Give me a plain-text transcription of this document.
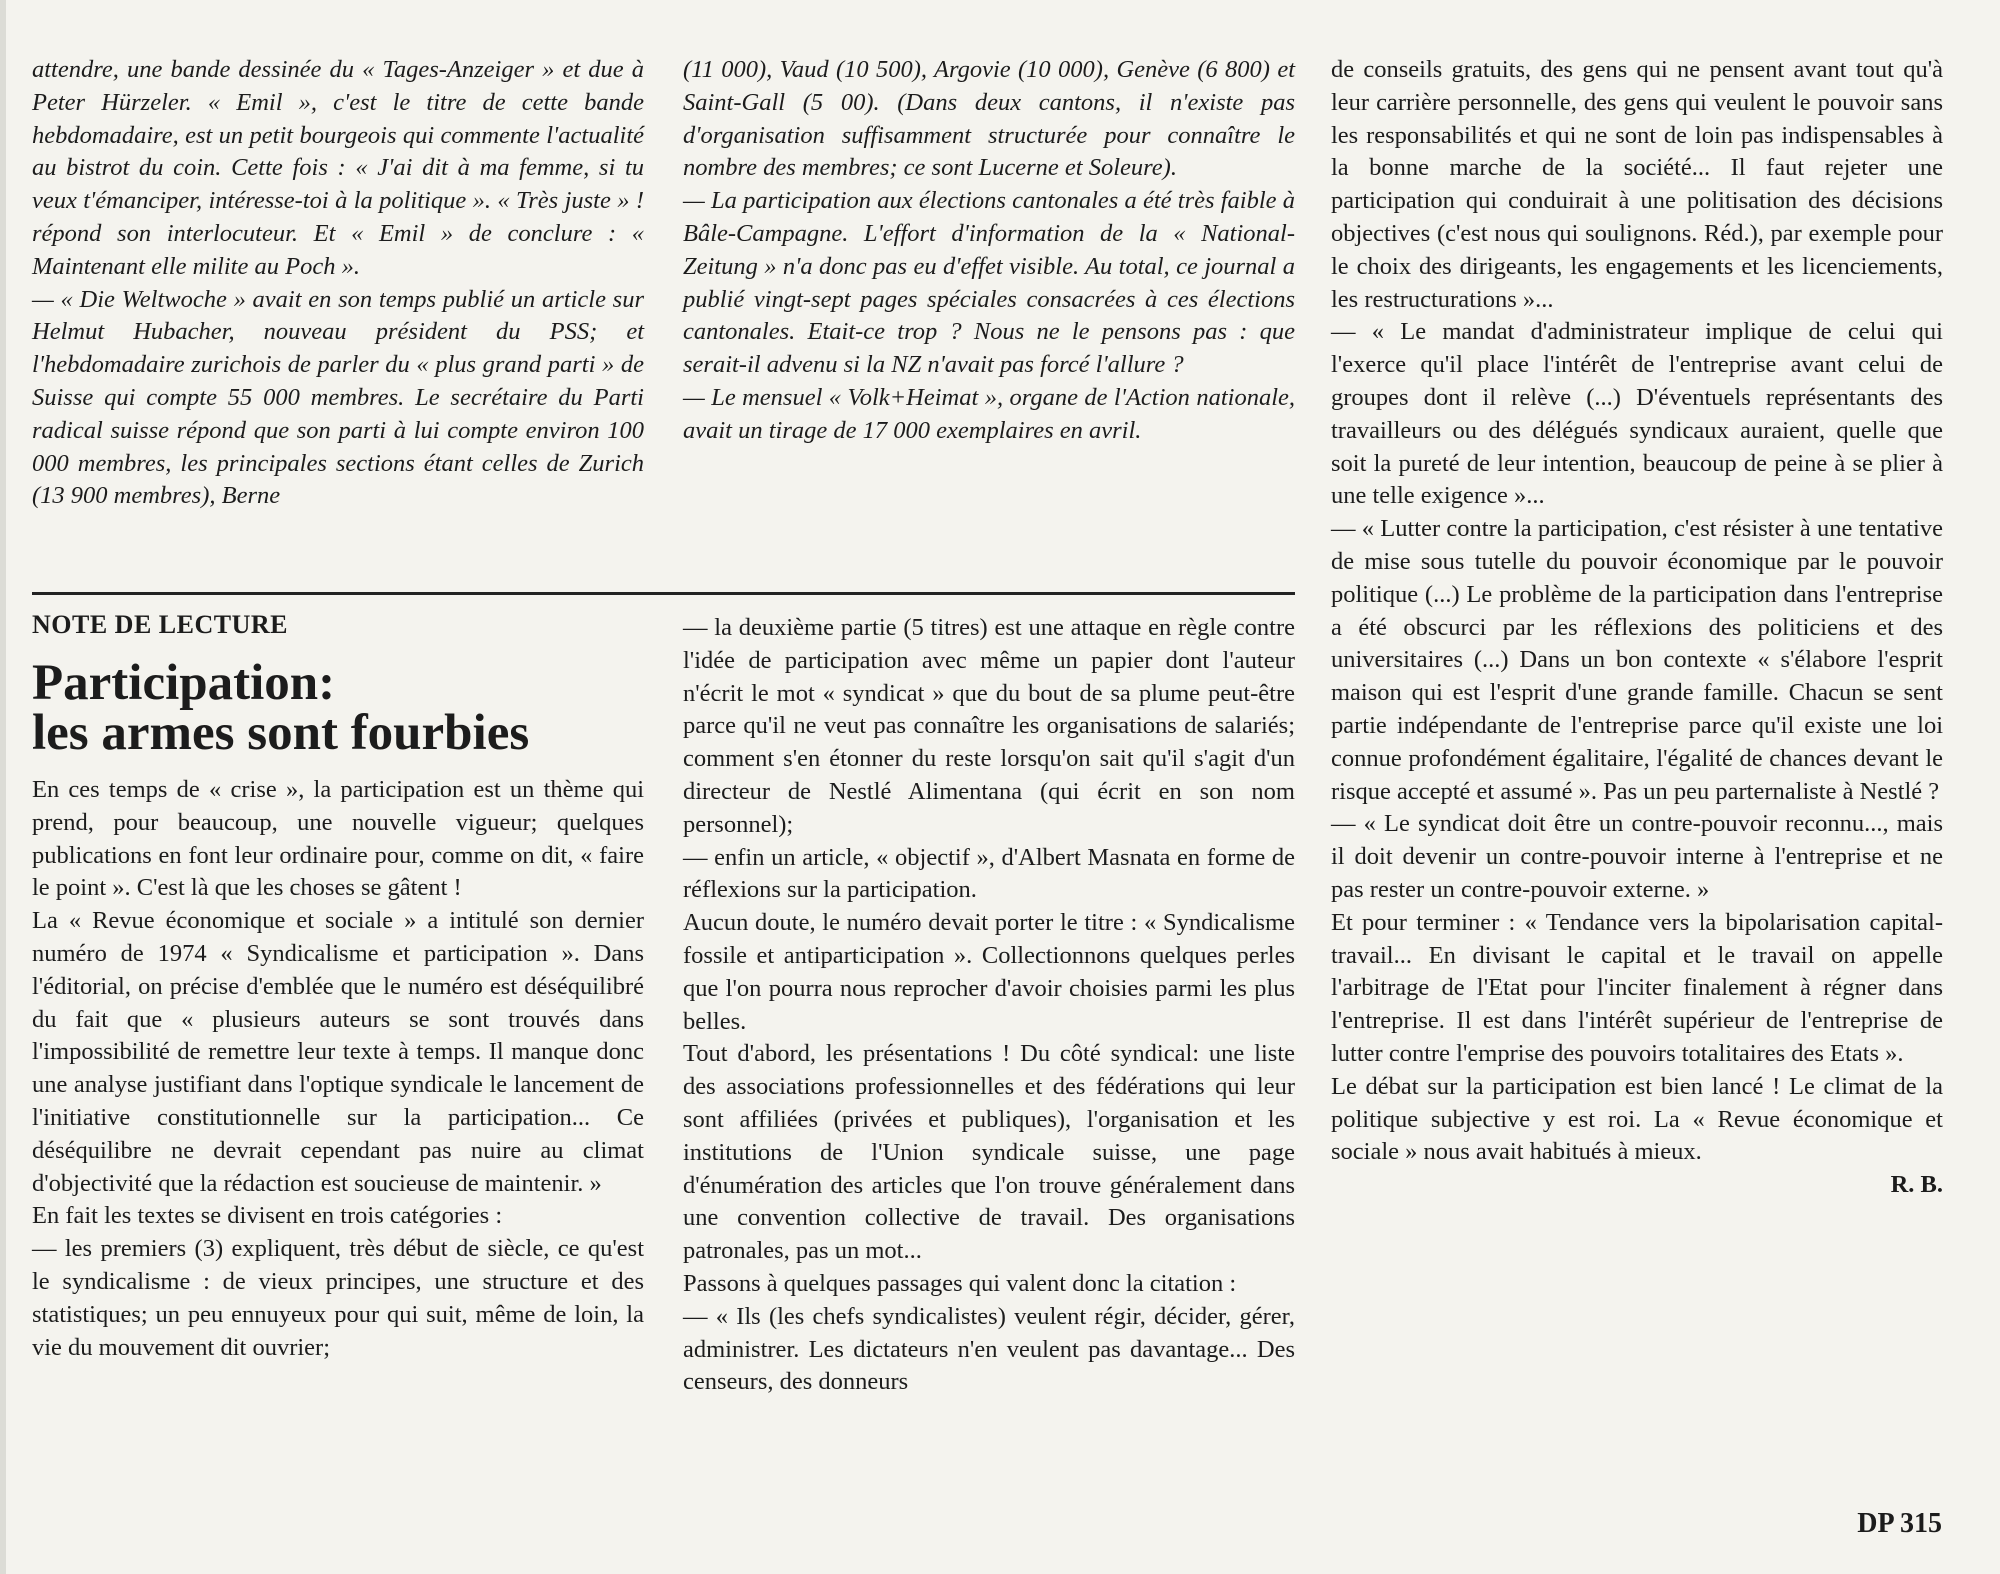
attendre, une bande dessinée du « Tages-Anzeiger » et due à Peter Hürzeler. « Emil », c'est le titre de cette bande hebdomadaire, est un petit bourgeois qui commente l'actualité au bistrot du coin. Cette fois : « J'ai dit à ma femme, si tu veux t'émanciper, intéresse-toi à la politique ». « Très juste » ! répond son interlocuteur. Et « Emil » de conclure : « Maintenant elle milite au Poch ».

— « Die Weltwoche » avait en son temps publié un article sur Helmut Hubacher, nouveau président du PSS; et l'hebdomadaire zurichois de parler du « plus grand parti » de Suisse qui compte 55 000 membres. Le secrétaire du Parti radical suisse répond que son parti à lui compte environ 100 000 membres, les principales sections étant celles de Zurich (13 900 membres), Berne

(11 000), Vaud (10 500), Argovie (10 000), Genève (6 800) et Saint-Gall (5 00). (Dans deux cantons, il n'existe pas d'organisation suffisamment structurée pour connaître le nombre des membres; ce sont Lucerne et Soleure).

— La participation aux élections cantonales a été très faible à Bâle-Campagne. L'effort d'information de la « National-Zeitung » n'a donc pas eu d'effet visible. Au total, ce journal a publié vingt-sept pages spéciales consacrées à ces élections cantonales. Etait-ce trop ? Nous ne le pensons pas : que serait-il advenu si la NZ n'avait pas forcé l'allure ?

— Le mensuel « Volk+Heimat », organe de l'Action nationale, avait un tirage de 17 000 exemplaires en avril.

NOTE DE LECTURE
Participation:
les armes sont fourbies

En ces temps de « crise », la participation est un thème qui prend, pour beaucoup, une nouvelle vigueur; quelques publications en font leur ordinaire pour, comme on dit, « faire le point ». C'est là que les choses se gâtent !

La « Revue économique et sociale » a intitulé son dernier numéro de 1974 « Syndicalisme et participation ». Dans l'éditorial, on précise d'emblée que le numéro est déséquilibré du fait que « plusieurs auteurs se sont trouvés dans l'impossibilité de remettre leur texte à temps. Il manque donc une analyse justifiant dans l'optique syndicale le lancement de l'initiative constitutionnelle sur la participation... Ce déséquilibre ne devrait cependant pas nuire au climat d'objectivité que la rédaction est soucieuse de maintenir. »

En fait les textes se divisent en trois catégories :

— les premiers (3) expliquent, très début de siècle, ce qu'est le syndicalisme : de vieux principes, une structure et des statistiques; un peu ennuyeux pour qui suit, même de loin, la vie du mouvement dit ouvrier;

— la deuxième partie (5 titres) est une attaque en règle contre l'idée de participation avec même un papier dont l'auteur n'écrit le mot « syndicat » que du bout de sa plume peut-être parce qu'il ne veut pas connaître les organisations de salariés; comment s'en étonner du reste lorsqu'on sait qu'il s'agit d'un directeur de Nestlé Alimentana (qui écrit en son nom personnel);

— enfin un article, « objectif », d'Albert Masnata en forme de réflexions sur la participation.

Aucun doute, le numéro devait porter le titre : « Syndicalisme fossile et antiparticipation ». Collectionnons quelques perles que l'on pourra nous reprocher d'avoir choisies parmi les plus belles.

Tout d'abord, les présentations ! Du côté syndical: une liste des associations professionnelles et des fédérations qui leur sont affiliées (privées et publiques), l'organisation et les institutions de l'Union syndicale suisse, une page d'énumération des articles que l'on trouve généralement dans une convention collective de travail. Des organisations patronales, pas un mot...

Passons à quelques passages qui valent donc la citation :

— « Ils (les chefs syndicalistes) veulent régir, décider, gérer, administrer. Les dictateurs n'en veulent pas davantage... Des censeurs, des donneurs

de conseils gratuits, des gens qui ne pensent avant tout qu'à leur carrière personnelle, des gens qui veulent le pouvoir sans les responsabilités et qui ne sont de loin pas indispensables à la bonne marche de la société... Il faut rejeter une participation qui conduirait à une politisation des décisions objectives (c'est nous qui soulignons. Réd.), par exemple pour le choix des dirigeants, les engagements et les licenciements, les restructurations »...

— « Le mandat d'administrateur implique de celui qui l'exerce qu'il place l'intérêt de l'entreprise avant celui de groupes dont il relève (...) D'éventuels représentants des travailleurs ou des délégués syndicaux auraient, quelle que soit la pureté de leur intention, beaucoup de peine à se plier à une telle exigence »...

— « Lutter contre la participation, c'est résister à une tentative de mise sous tutelle du pouvoir économique par le pouvoir politique (...) Le problème de la participation dans l'entreprise a été obscurci par les réflexions des politiciens et des universitaires (...) Dans un bon contexte « s'élabore l'esprit maison qui est l'esprit d'une grande famille. Chacun se sent partie indépendante de l'entreprise parce qu'il existe une loi connue profondément égalitaire, l'égalité de chances devant le risque accepté et assumé ». Pas un peu parternaliste à Nestlé ?

— « Le syndicat doit être un contre-pouvoir reconnu..., mais il doit devenir un contre-pouvoir interne à l'entreprise et ne pas rester un contre-pouvoir externe. »

Et pour terminer : « Tendance vers la bipolarisation capital-travail... En divisant le capital et le travail on appelle l'arbitrage de l'Etat pour l'inciter finalement à régner dans l'entreprise. Il est dans l'intérêt supérieur de l'entreprise de lutter contre l'emprise des pouvoirs totalitaires des Etats ».

Le débat sur la participation est bien lancé ! Le climat de la politique subjective y est roi. La « Revue économique et sociale » nous avait habitués à mieux.

R. B.

DP 315
